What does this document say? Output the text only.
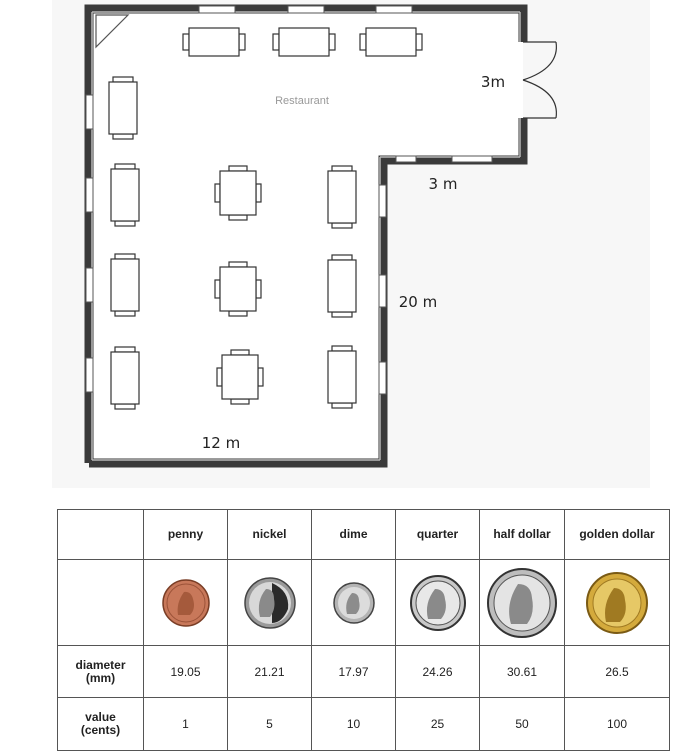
Restaurant
3m
3 m
20 m
12 m
	penny	nickel	dime	quarter	half dollar	golden dollar

diameter (mm)	19.05	21.21	17.97	24.26	30.61	26.5
value (cents)	1	5	10	25	50	100
